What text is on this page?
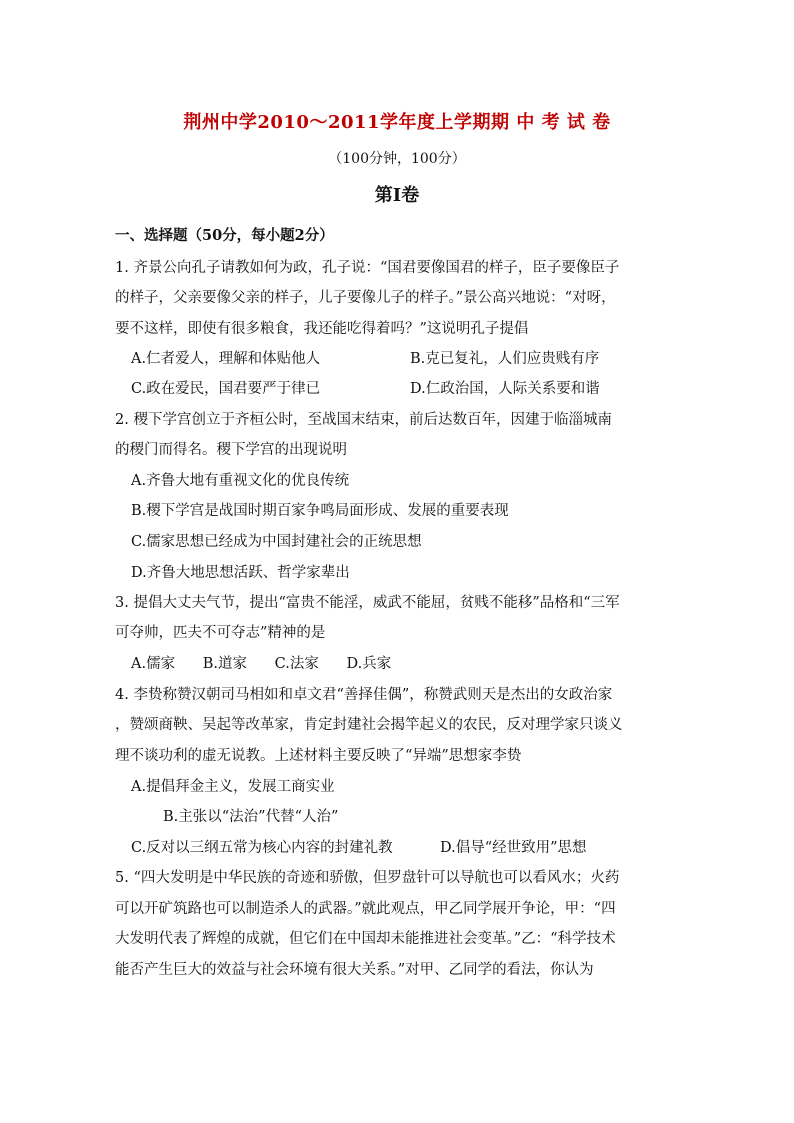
荆州中学2010～2011学年度上学期期 中 考 试 卷
（100分钟，100分）
第Ⅰ卷
一、选择题（50分，每小题2分）
1. 齐景公向孔子请教如何为政，孔子说：“国君要像国君的样子，臣子要像臣子
的样子，父亲要像父亲的样子，儿子要像儿子的样子。”景公高兴地说：“对呀，
要不这样，即使有很多粮食，我还能吃得着吗？”这说明孔子提倡
A.仁者爱人，理解和体贴他人	B.克已复礼，人们应贵贱有序
C.政在爱民，国君要严于律已	D.仁政治国，人际关系要和谐
2. 稷下学宫创立于齐桓公时，至战国末结束，前后达数百年，因建于临淄城南
的稷门而得名。稷下学宫的出现说明
A.齐鲁大地有重视文化的优良传统
B.稷下学宫是战国时期百家争鸣局面形成、发展的重要表现
C.儒家思想已经成为中国封建社会的正统思想
D.齐鲁大地思想活跃、哲学家辈出
3. 提倡大丈夫气节，提出“富贵不能淫，威武不能屈，贫贱不能移”品格和“三军
可夺帅，匹夫不可夺志”精神的是
A.儒家      B.道家      C.法家      D.兵家
4. 李贽称赞汉朝司马相如和卓文君“善择佳偶”，称赞武则天是杰出的女政治家
，赞颂商鞅、吴起等改革家，肯定封建社会揭竿起义的农民，反对理学家只谈义
理不谈功利的虚无说教。上述材料主要反映了“异端”思想家李贽
A.提倡拜金主义，发展工商实业
B.主张以“法治”代替“人治”
C.反对以三纲五常为核心内容的封建礼教	D.倡导“经世致用”思想
5. “四大发明是中华民族的奇迹和骄傲，但罗盘针可以导航也可以看风水；火药
可以开矿筑路也可以制造杀人的武器。”就此观点，甲乙同学展开争论，甲：“四
大发明代表了辉煌的成就，但它们在中国却未能推进社会变革。”乙：“科学技术
能否产生巨大的效益与社会环境有很大关系。”对甲、乙同学的看法，你认为
